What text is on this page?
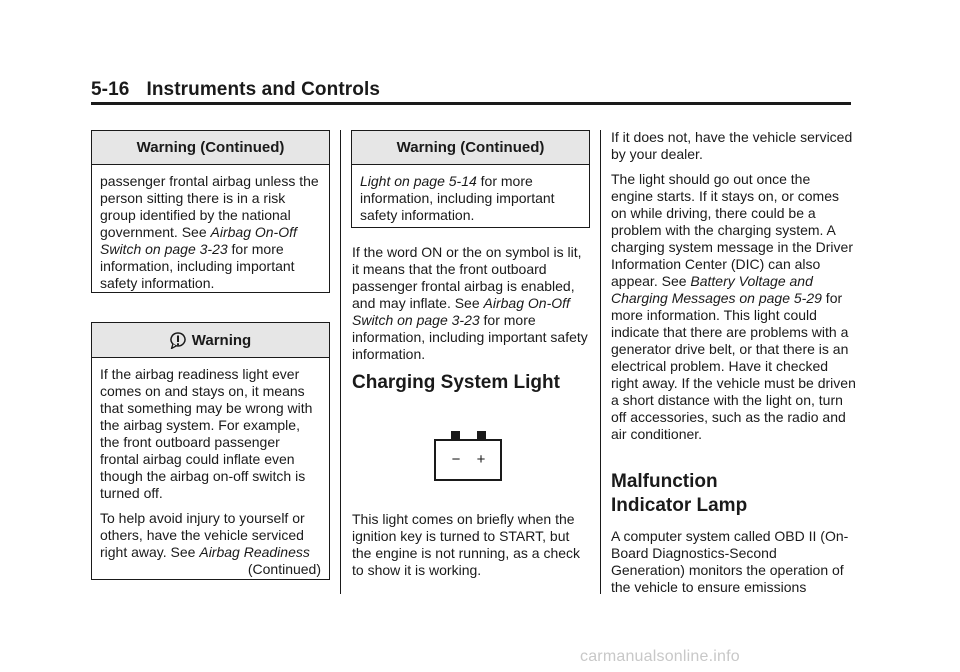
5-16 Instruments and Controls
Warning (Continued)

passenger frontal airbag unless the person sitting there is in a risk group identified by the national government. See Airbag On-Off Switch on page 3-23 for more information, including important safety information.

Warning

If the airbag readiness light ever comes on and stays on, it means that something may be wrong with the airbag system. For example, the front outboard passenger frontal airbag could inflate even though the airbag on-off switch is turned off.

To help avoid injury to yourself or others, have the vehicle serviced right away. See Airbag Readiness

(Continued)
Warning (Continued)

Light on page 5-14 for more information, including important safety information.

If the word ON or the on symbol is lit, it means that the front outboard passenger frontal airbag is enabled, and may inflate. See Airbag On-Off Switch on page 3-23 for more information, including important safety information.

Charging System Light
− +

This light comes on briefly when the ignition key is turned to START, but the engine is not running, as a check to show it is working.

If it does not, have the vehicle serviced by your dealer.

The light should go out once the engine starts. If it stays on, or comes on while driving, there could be a problem with the charging system. A charging system message in the Driver Information Center (DIC) can also appear. See Battery Voltage and Charging Messages on page 5-29 for more information. This light could indicate that there are problems with a generator drive belt, or that there is an electrical problem. Have it checked right away. If the vehicle must be driven a short distance with the light on, turn off accessories, such as the radio and air conditioner.

Malfunction
Indicator Lamp

A computer system called OBD II (On-Board Diagnostics-Second Generation) monitors the operation of the vehicle to ensure emissions

carmanualsonline.info
